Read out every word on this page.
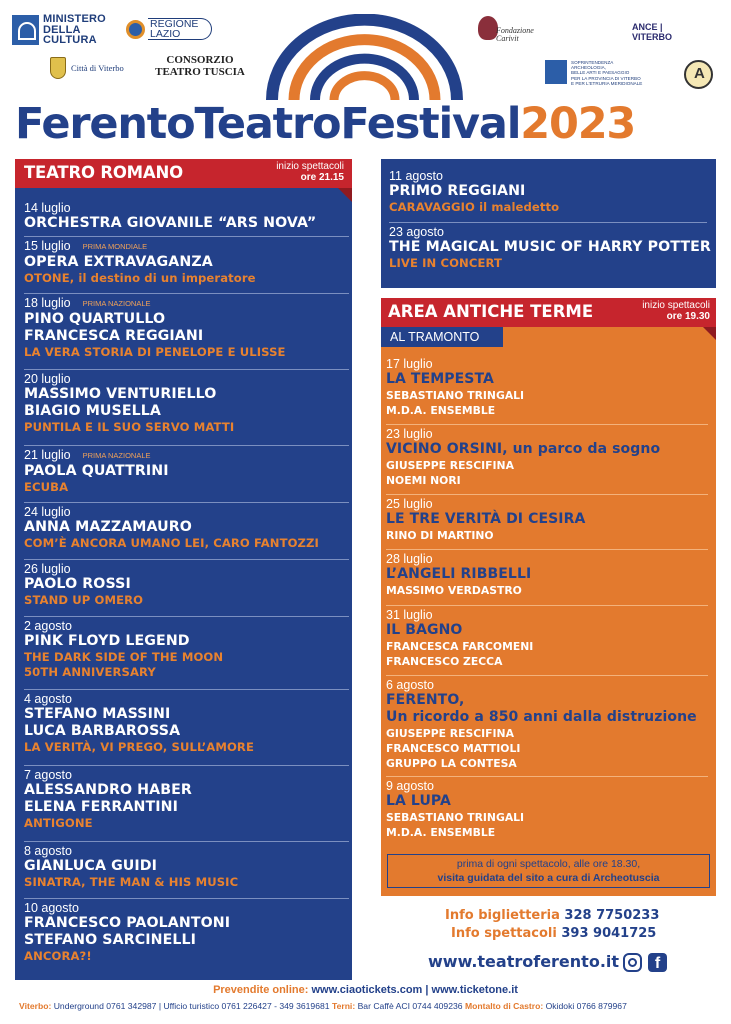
MINISTERO
DELLA
CULTURA
REGIONE
LAZIO
Città di Viterbo
CONSORZIO
TEATRO TUSCIA
Fondazione
Carivit
ANCE | VITERBO
SOPRINTENDENZA ARCHEOLOGIA,
BELLE ARTI E PAESAGGIO
PER LA PROVINCIA DI VITERBO
E PER L'ETRURIA MERIDIONALE
A
FerentoTeatroFestival2023
TEATRO ROMANO	inizio spettacoli
ore 21.15
14 luglio
ORCHESTRA GIOVANILE “ARS NOVA”
15 luglio PRIMA MONDIALE
OPERA EXTRAVAGANZA
OTONE, il destino di un imperatore
18 luglio PRIMA NAZIONALE
PINO QUARTULLO
FRANCESCA REGGIANI
LA VERA STORIA DI PENELOPE E ULISSE
20 luglio
MASSIMO VENTURIELLO
BIAGIO MUSELLA
PUNTILA E IL SUO SERVO MATTI
21 luglio PRIMA NAZIONALE
PAOLA QUATTRINI
ECUBA
24 luglio
ANNA MAZZAMAURO
COM’È ANCORA UMANO LEI, CARO FANTOZZI
26 luglio
PAOLO ROSSI
STAND UP OMERO
2 agosto
PINK FLOYD LEGEND
THE DARK SIDE OF THE MOON
50TH ANNIVERSARY
4 agosto
STEFANO MASSINI
LUCA BARBAROSSA
LA VERITÀ, VI PREGO, SULL’AMORE
7 agosto
ALESSANDRO HABER
ELENA FERRANTINI
ANTIGONE
8 agosto
GIANLUCA GUIDI
SINATRA, THE MAN & HIS MUSIC
10 agosto
FRANCESCO PAOLANTONI
STEFANO SARCINELLI
ANCORA?!
11 agosto
PRIMO REGGIANI
CARAVAGGIO il maledetto
23 agosto
THE MAGICAL MUSIC OF HARRY POTTER
LIVE IN CONCERT
AREA ANTICHE TERME	inizio spettacoli
ore 19.30
AL TRAMONTO
17 luglio
LA TEMPESTA
SEBASTIANO TRINGALI
M.D.A. ENSEMBLE
23 luglio
VICINO ORSINI, un parco da sogno
GIUSEPPE RESCIFINA
NOEMI NORI
25 luglio
LE TRE VERITÀ DI CESIRA
RINO DI MARTINO
28 luglio
L’ANGELI RIBBELLI
MASSIMO VERDASTRO
31 luglio
IL BAGNO
FRANCESCA FARCOMENI
FRANCESCO ZECCA
6 agosto
FERENTO,
Un ricordo a 850 anni dalla distruzione
GIUSEPPE RESCIFINA
FRANCESCO MATTIOLI
GRUPPO LA CONTESA
9 agosto
LA LUPA
SEBASTIANO TRINGALI
M.D.A. ENSEMBLE
prima di ogni spettacolo, alle ore 18.30,
visita guidata del sito a cura di Archeotuscia
Info biglietteria 328 7750233
Info spettacoli 393 9041725
www.teatroferento.it	f
Prevendite online: www.ciaotickets.com | www.ticketone.it
Viterbo: Underground 0761 342987 | Ufficio turistico 0761 226427 - 349 3619681 Terni: Bar Caffè ACI 0744 409236 Montalto di Castro: Okidoki 0766 879967
